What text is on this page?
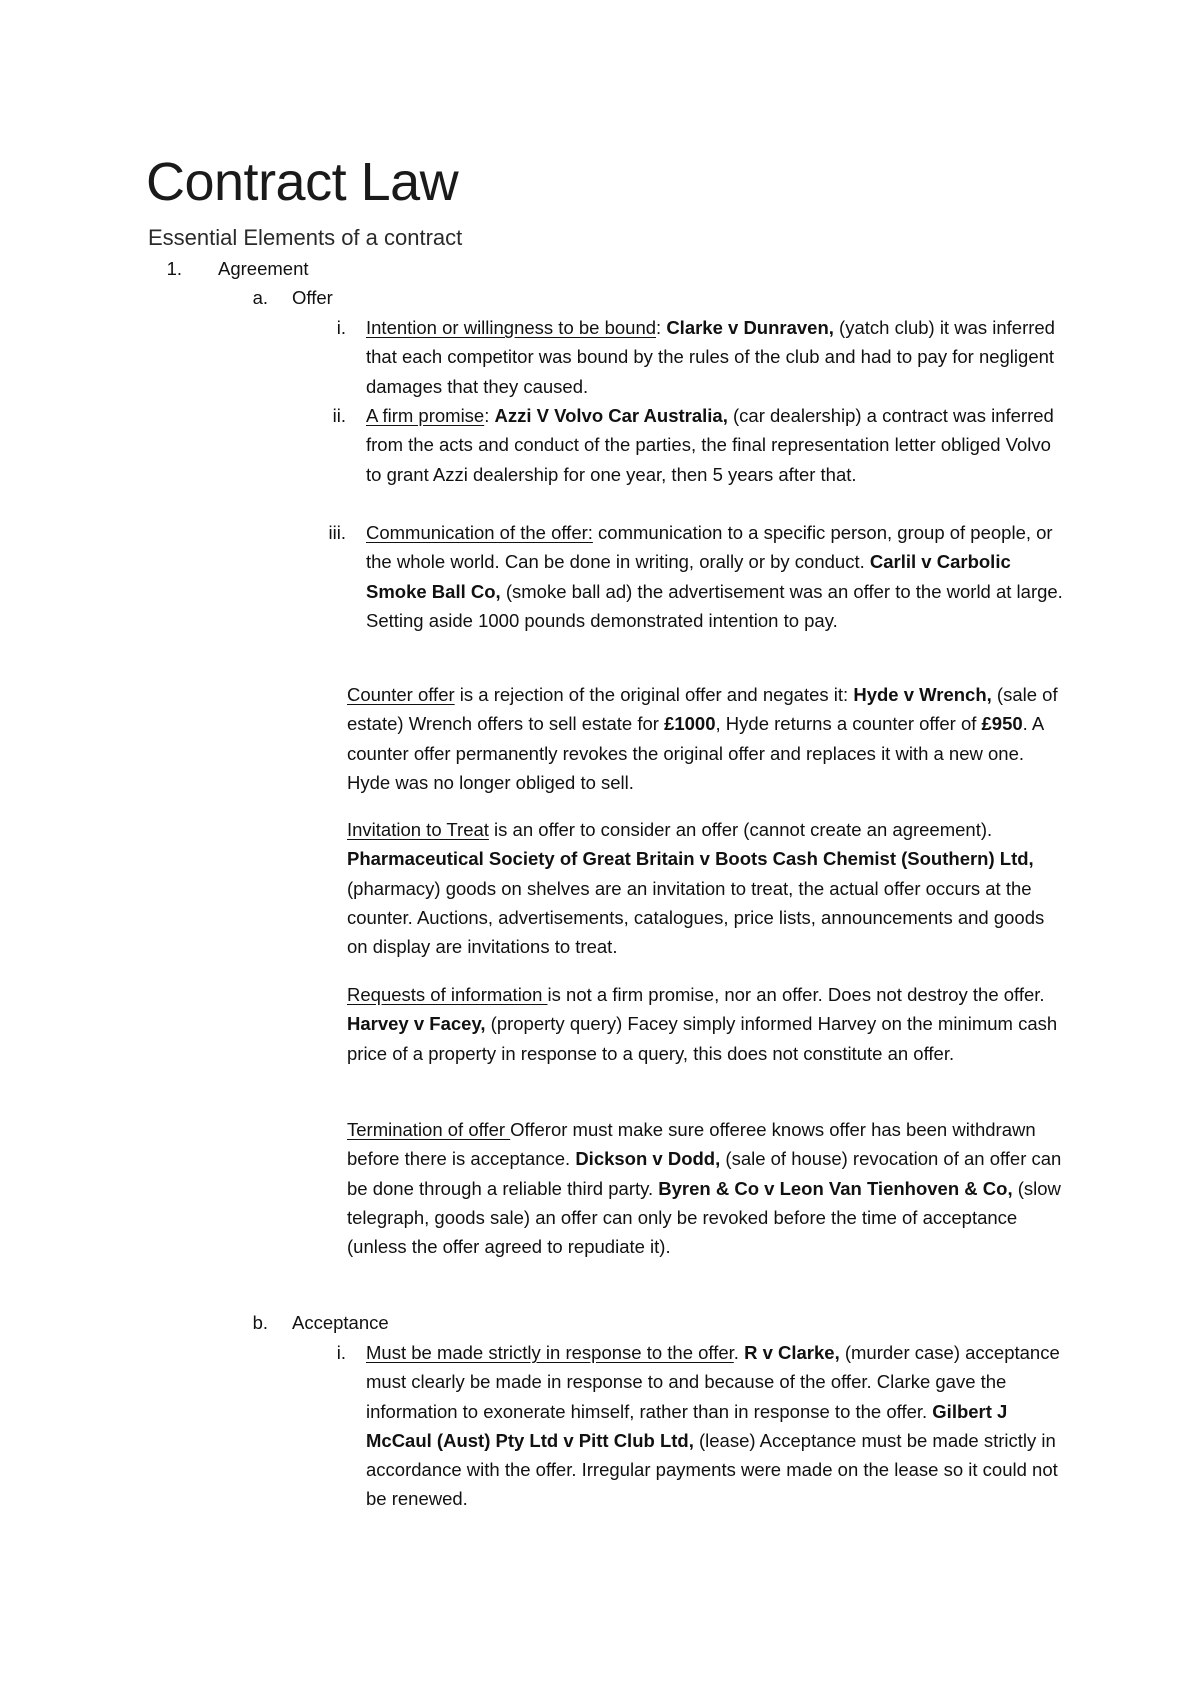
Contract Law
Essential Elements of a contract
1. Agreement
a. Offer
i. Intention or willingness to be bound: Clarke v Dunraven, (yatch club) it was inferred that each competitor was bound by the rules of the club and had to pay for negligent damages that they caused.
ii. A firm promise: Azzi V Volvo Car Australia, (car dealership) a contract was inferred from the acts and conduct of the parties, the final representation letter obliged Volvo to grant Azzi dealership for one year, then 5 years after that.
iii. Communication of the offer: communication to a specific person, group of people, or the whole world. Can be done in writing, orally or by conduct. Carlil v Carbolic Smoke Ball Co, (smoke ball ad) the advertisement was an offer to the world at large. Setting aside 1000 pounds demonstrated intention to pay.

Counter offer is a rejection of the original offer and negates it: Hyde v Wrench, (sale of estate) Wrench offers to sell estate for £1000, Hyde returns a counter offer of £950. A counter offer permanently revokes the original offer and replaces it with a new one. Hyde was no longer obliged to sell.

Invitation to Treat is an offer to consider an offer (cannot create an agreement). Pharmaceutical Society of Great Britain v Boots Cash Chemist (Southern) Ltd, (pharmacy) goods on shelves are an invitation to treat, the actual offer occurs at the counter. Auctions, advertisements, catalogues, price lists, announcements and goods on display are invitations to treat.

Requests of information is not a firm promise, nor an offer. Does not destroy the offer. Harvey v Facey, (property query) Facey simply informed Harvey on the minimum cash price of a property in response to a query, this does not constitute an offer.

Termination of offer Offeror must make sure offeree knows offer has been withdrawn before there is acceptance. Dickson v Dodd, (sale of house) revocation of an offer can be done through a reliable third party. Byren & Co v Leon Van Tienhoven & Co, (slow telegraph, goods sale) an offer can only be revoked before the time of acceptance (unless the offer agreed to repudiate it).

b. Acceptance
i. Must be made strictly in response to the offer. R v Clarke, (murder case) acceptance must clearly be made in response to and because of the offer. Clarke gave the information to exonerate himself, rather than in response to the offer. Gilbert J McCaul (Aust) Pty Ltd v Pitt Club Ltd, (lease) Acceptance must be made strictly in accordance with the offer. Irregular payments were made on the lease so it could not be renewed.
